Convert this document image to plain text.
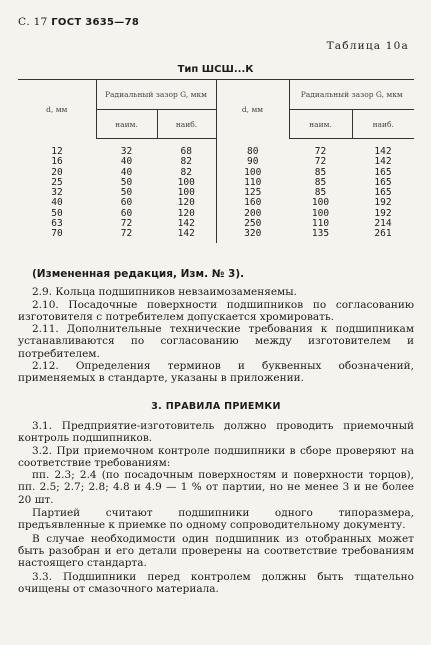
С. 17 ГОСТ 3635—78
Таблица 10а
Тип ШСШ...К
d, мм	Радиальный зазор G, мкм		d, мм	Радиальный зазор G, мкм	
	наим.	наиб.		наим.	наиб.
12	32	68	80	72	142
16	40	82	90	72	142
20	40	82	100	85	165
25	50	100	110	85	165
32	50	100	125	85	165
40	60	120	160	100	192
50	60	120	200	100	192
63	72	142	250	110	214
70	72	142	320	135	261

(Измененная редакция, Изм. № 3).

2.9. Кольца подшипников невзаимозаменяемы.

2.10. Посадочные поверхности подшипников по согласованию изготовителя с потребителем допускается хромировать.

2.11. Дополнительные технические требования к подшипникам устанавливаются по согласованию между изготовителем и потребителем.

2.12. Определения терминов и буквенных обозначений, применяемых в стандарте, указаны в приложении.

3. ПРАВИЛА ПРИЕМКИ

3.1. Предприятие-изготовитель должно проводить приемочный контроль подшипников.

3.2. При приемочном контроле подшипники в сборе проверяют на соответствие требованиям:

пп. 2.3; 2.4 (по посадочным поверхностям и поверхности торцов), пп. 2.5; 2.7; 2.8; 4.8 и 4.9 — 1 % от партии, но не менее 3 и не более 20 шт.

Партией считают подшипники одного типоразмера, предъявленные к приемке по одному сопроводительному документу.

В случае необходимости один подшипник из отобранных может быть разобран и его детали проверены на соответствие требованиям настоящего стандарта.

3.3. Подшипники перед контролем должны быть тщательно очищены от смазочного материала.
